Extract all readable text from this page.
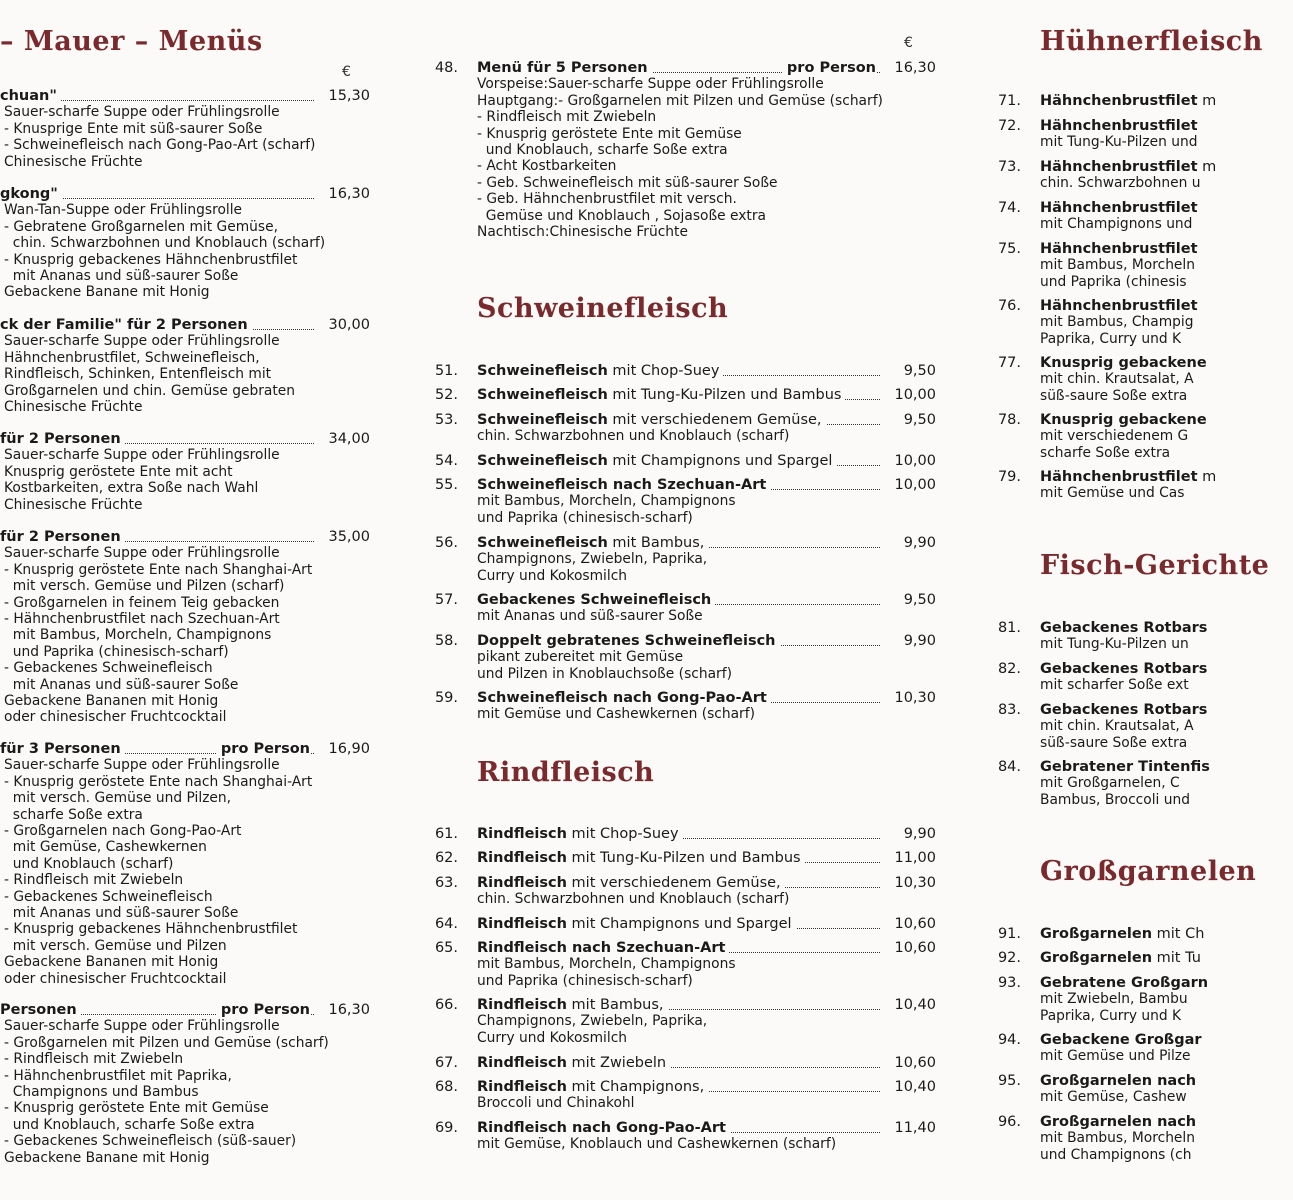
– Mauer – Menüs
€
chuan"	15,30
Sauer-scharfe Suppe oder Frühlingsrolle
- Knusprige Ente mit süß-saurer Soße
- Schweinefleisch nach Gong-Pao-Art (scharf)
Chinesische Früchte
gkong"	16,30
Wan-Tan-Suppe oder Frühlingsrolle
- Gebratene Großgarnelen mit Gemüse,
chin. Schwarzbohnen und Knoblauch (scharf)
- Knusprig gebackenes Hähnchenbrustfilet
mit Ananas und süß-saurer Soße
Gebackene Banane mit Honig
ck der Familie" für 2 Personen	30,00
Sauer-scharfe Suppe oder Frühlingsrolle
Hähnchenbrustfilet, Schweinefleisch,
Rindfleisch, Schinken, Entenfleisch mit
Großgarnelen und chin. Gemüse gebraten
Chinesische Früchte
für 2 Personen	34,00
Sauer-scharfe Suppe oder Frühlingsrolle
Knusprig geröstete Ente mit acht
Kostbarkeiten, extra Soße nach Wahl
Chinesische Früchte
für 2 Personen	35,00
Sauer-scharfe Suppe oder Frühlingsrolle
- Knusprig geröstete Ente nach Shanghai-Art
mit versch. Gemüse und Pilzen (scharf)
- Großgarnelen in feinem Teig gebacken
- Hähnchenbrustfilet nach Szechuan-Art
mit Bambus, Morcheln, Champignons
und Paprika (chinesisch-scharf)
- Gebackenes Schweinefleisch
mit Ananas und süß-saurer Soße
Gebackene Bananen mit Honig
oder chinesischer Fruchtcocktail
für 3 Personen	pro Person 16,90
Sauer-scharfe Suppe oder Frühlingsrolle
- Knusprig geröstete Ente nach Shanghai-Art
mit versch. Gemüse und Pilzen,
scharfe Soße extra
- Großgarnelen nach Gong-Pao-Art
mit Gemüse, Cashewkernen
und Knoblauch (scharf)
- Rindfleisch mit Zwiebeln
- Gebackenes Schweinefleisch
mit Ananas und süß-saurer Soße
- Knusprig gebackenes Hähnchenbrustfilet
mit versch. Gemüse und Pilzen
Gebackene Bananen mit Honig
oder chinesischer Fruchtcocktail
Personen	pro Person 16,30
Sauer-scharfe Suppe oder Frühlingsrolle
- Großgarnelen mit Pilzen und Gemüse (scharf)
- Rindfleisch mit Zwiebeln
- Hähnchenbrustfilet mit Paprika,
Champignons und Bambus
- Knusprig geröstete Ente mit Gemüse
und Knoblauch, scharfe Soße extra
- Gebackenes Schweinefleisch (süß-sauer)
Gebackene Banane mit Honig
€
48. Menü für 5 Personen	pro Person 16,30
Vorspeise:Sauer-scharfe Suppe oder Frühlingsrolle
Hauptgang:- Großgarnelen mit Pilzen und Gemüse (scharf)
- Rindfleisch mit Zwiebeln
- Knusprig geröstete Ente mit Gemüse
und Knoblauch, scharfe Soße extra
- Acht Kostbarkeiten
- Geb. Schweinefleisch mit süß-saurer Soße
- Geb. Hähnchenbrustfilet mit versch.
Gemüse und Knoblauch , Sojasoße extra
Nachtisch:Chinesische Früchte
Schweinefleisch
51. Schweinefleisch mit Chop-Suey	9,50
52. Schweinefleisch mit Tung-Ku-Pilzen und Bambus	10,00
53. Schweinefleisch mit verschiedenem Gemüse,	9,50
chin. Schwarzbohnen und Knoblauch (scharf)
54. Schweinefleisch mit Champignons und Spargel	10,00
55. Schweinefleisch nach Szechuan-Art	10,00
mit Bambus, Morcheln, Champignons
und Paprika (chinesisch-scharf)
56. Schweinefleisch mit Bambus,	9,90
Champignons, Zwiebeln, Paprika,
Curry und Kokosmilch
57. Gebackenes Schweinefleisch	9,50
mit Ananas und süß-saurer Soße
58. Doppelt gebratenes Schweinefleisch	9,90
pikant zubereitet mit Gemüse
und Pilzen in Knoblauchsoße (scharf)
59. Schweinefleisch nach Gong-Pao-Art	10,30
mit Gemüse und Cashewkernen (scharf)
Rindfleisch
61. Rindfleisch mit Chop-Suey	9,90
62. Rindfleisch mit Tung-Ku-Pilzen und Bambus	11,00
63. Rindfleisch mit verschiedenem Gemüse,	10,30
chin. Schwarzbohnen und Knoblauch (scharf)
64. Rindfleisch mit Champignons und Spargel	10,60
65. Rindfleisch nach Szechuan-Art	10,60
mit Bambus, Morcheln, Champignons
und Paprika (chinesisch-scharf)
66. Rindfleisch mit Bambus,	10,40
Champignons, Zwiebeln, Paprika,
Curry und Kokosmilch
67. Rindfleisch mit Zwiebeln	10,60
68. Rindfleisch mit Champignons,	10,40
Broccoli und Chinakohl
69. Rindfleisch nach Gong-Pao-Art	11,40
mit Gemüse, Knoblauch und Cashewkernen (scharf)
Hühnerfleisch
71. Hähnchenbrustfilet m
72. Hähnchenbrustfilet
mit Tung-Ku-Pilzen und
73. Hähnchenbrustfilet m
chin. Schwarzbohnen u
74. Hähnchenbrustfilet
mit Champignons und
75. Hähnchenbrustfilet
mit Bambus, Morcheln
und Paprika (chinesis
76. Hähnchenbrustfilet
mit Bambus, Champig
Paprika, Curry und K
77. Knusprig gebackene
mit chin. Krautsalat, A
süß-saure Soße extra
78. Knusprig gebackene
mit verschiedenem G
scharfe Soße extra
79. Hähnchenbrustfilet m
mit Gemüse und Cas
Fisch-Gerichte
81. Gebackenes Rotbars
mit Tung-Ku-Pilzen un
82. Gebackenes Rotbars
mit scharfer Soße ext
83. Gebackenes Rotbars
mit chin. Krautsalat, A
süß-saure Soße extra
84. Gebratener Tintenfis
mit Großgarnelen, C
Bambus, Broccoli und
Großgarnelen
91. Großgarnelen mit Ch
92. Großgarnelen mit Tu
93. Gebratene Großgarn
mit Zwiebeln, Bambu
Paprika, Curry und K
94. Gebackene Großgar
mit Gemüse und Pilze
95. Großgarnelen nach
mit Gemüse, Cashew
96. Großgarnelen nach
mit Bambus, Morcheln
und Champignons (ch
